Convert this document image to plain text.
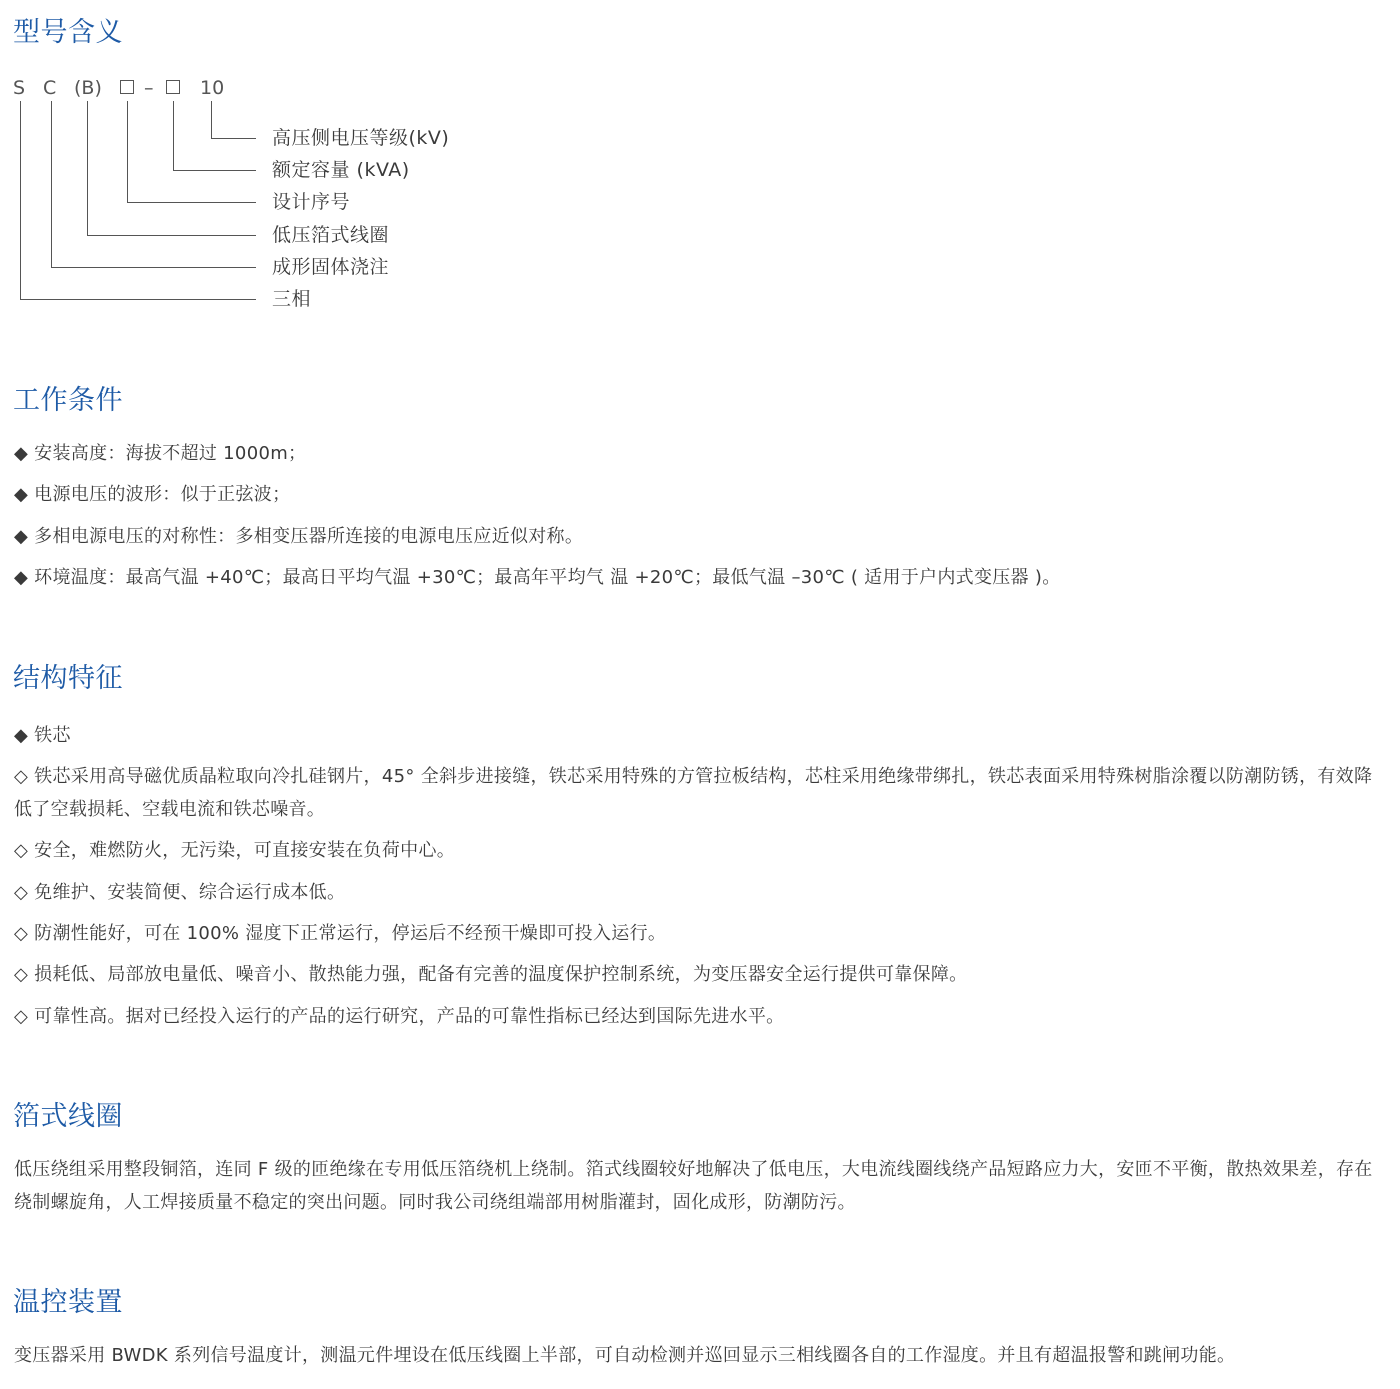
型号含义
S C (B) – 10
高压侧电压等级(kV)
额定容量 (kVA)
设计序号
低压箔式线圈
成形固体浇注
三相
工作条件

◆ 安装高度：海拔不超过 1000m；

◆ 电源电压的波形：似于正弦波；

◆ 多相电源电压的对称性：多相变压器所连接的电源电压应近似对称。

◆ 环境温度：最高气温 +40℃；最高日平均气温 +30℃；最高年平均气 温 +20℃；最低气温 –30℃ ( 适用于户内式变压器 )。

结构特征

◆ 铁芯

◇ 铁芯采用高导磁优质晶粒取向冷扎硅钢片，45° 全斜步进接缝，铁芯采用特殊的方管拉板结构，芯柱采用绝缘带绑扎，铁芯表面采用特殊树脂涂覆以防潮防锈，有效降低了空载损耗、空载电流和铁芯噪音。

◇ 安全，难燃防火，无污染，可直接安装在负荷中心。

◇ 免维护、安装简便、综合运行成本低。

◇ 防潮性能好，可在 100% 湿度下正常运行，停运后不经预干燥即可投入运行。

◇ 损耗低、局部放电量低、噪音小、散热能力强，配备有完善的温度保护控制系统，为变压器安全运行提供可靠保障。

◇ 可靠性高。据对已经投入运行的产品的运行研究，产品的可靠性指标已经达到国际先进水平。

箔式线圈

低压绕组采用整段铜箔，连同 F 级的匝绝缘在专用低压箔绕机上绕制。箔式线圈较好地解决了低电压，大电流线圈线绕产品短路应力大，安匝不平衡，散热效果差，存在绕制螺旋角，人工焊接质量不稳定的突出问题。同时我公司绕组端部用树脂灌封，固化成形，防潮防污。

温控装置

变压器采用 BWDK 系列信号温度计，测温元件埋设在低压线圈上半部，可自动检测并巡回显示三相线圈各自的工作湿度。并且有超温报警和跳闸功能。
